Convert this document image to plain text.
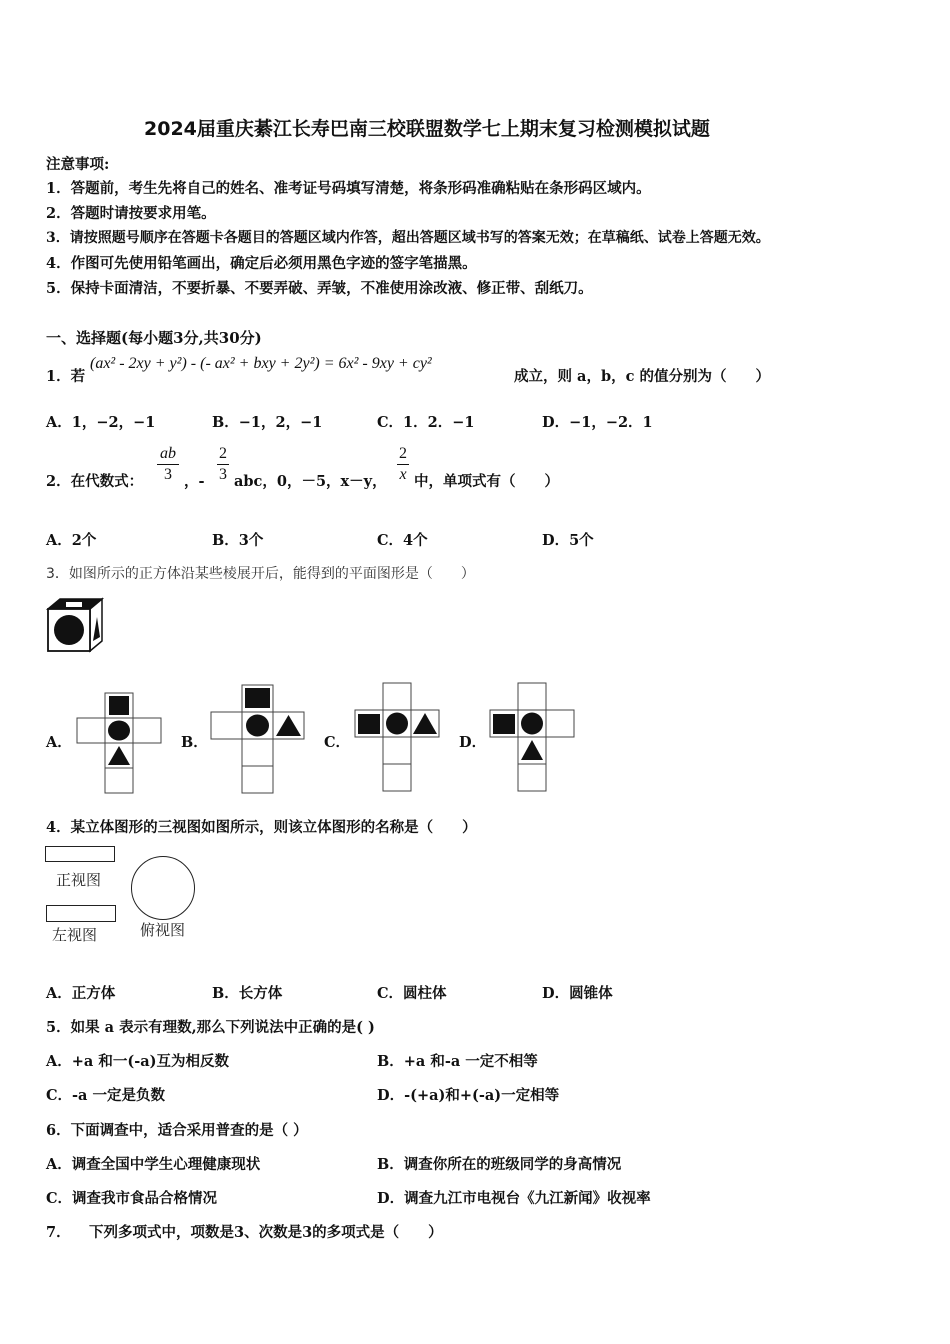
2024届重庆綦江长寿巴南三校联盟数学七上期末复习检测模拟试题
注意事项:
1．答题前，考生先将自己的姓名、准考证号码填写清楚，将条形码准确粘贴在条形码区域内。
2．答题时请按要求用笔。
3．请按照题号顺序在答题卡各题目的答题区域内作答，超出答题区域书写的答案无效；在草稿纸、试卷上答题无效。
4．作图可先使用铅笔画出，确定后必须用黑色字迹的签字笔描黑。
5．保持卡面清洁，不要折暴、不要弄破、弄皱，不准使用涂改液、修正带、刮纸刀。
一、选择题(每小题3分,共30分)
1．若
(ax² - 2xy + y²) - (- ax² + bxy + 2y²) = 6x² - 9xy + cy²
成立，则 a，b，c 的值分别为（　　）
A．1，−2，−1	B．−1，2，−1	C．1．2．−1	D．−1，−2．1
2．在代数式：
ab
3 ，-
2
3 abc，0，－5，x－y，
2
x 中，单项式有（　　）
A．2个	B．3个	C．4个	D．5个
3．如图所示的正方体沿某些棱展开后，能得到的平面图形是（　　）
A．	B．	C．	D．
4．某立体图形的三视图如图所示，则该立体图形的名称是（　　）
正视图
左视图	俯视图
A．正方体	B．长方体	C．圆柱体	D．圆锥体
5．如果 a 表示有理数,那么下列说法中正确的是( )
A．+a 和一(-a)互为相反数	B．+a 和-a 一定不相等
C．-a 一定是负数	D．-(+a)和+(-a)一定相等
6．下面调查中，适合采用普查的是（ ）
A．调查全国中学生心理健康现状	B．调查你所在的班级同学的身高情况
C．调查我市食品合格情况	D．调查九江市电视台《九江新闻》收视率
7． 下列多项式中，项数是3、次数是3的多项式是（　　）
